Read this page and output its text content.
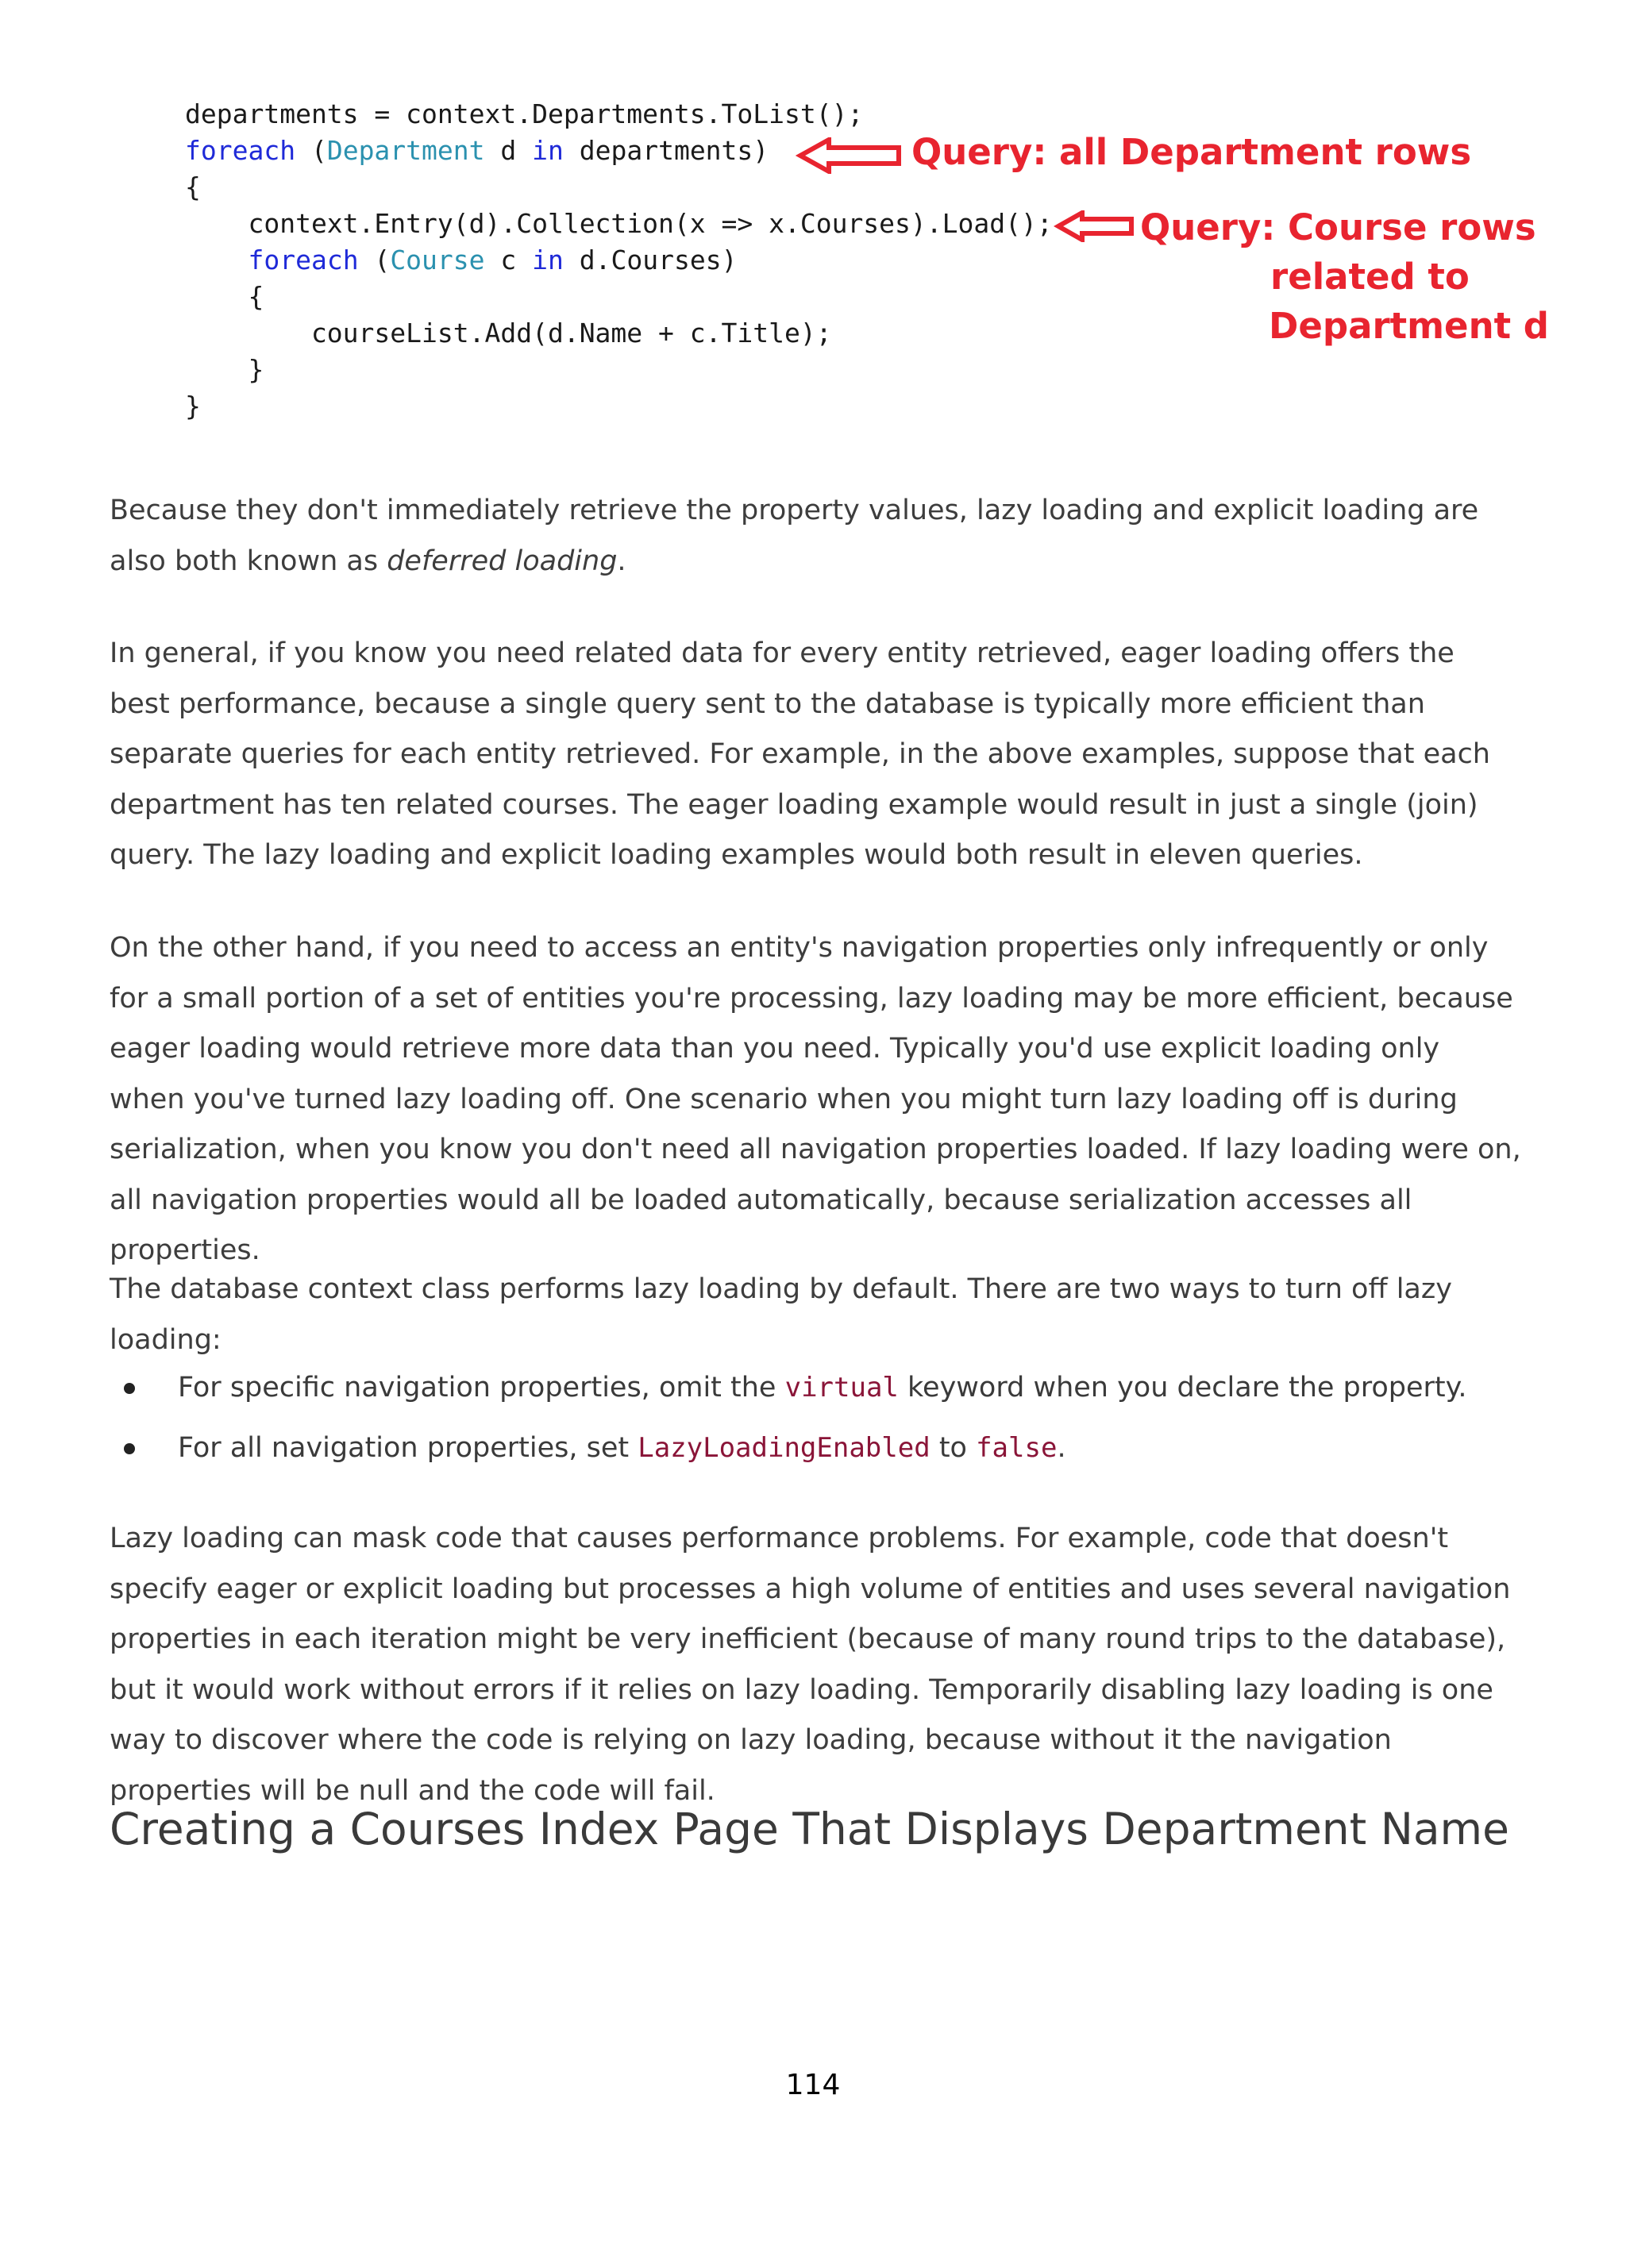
departments = context.Departments.ToList();
foreach (Department d in departments)
{
context.Entry(d).Collection(x => x.Courses).Load();
foreach (Course c in d.Courses)
{
courseList.Add(d.Name + c.Title);
}
}
Query: all Department rows
Query: Course rows
related to
Department d

Because they don't immediately retrieve the property values, lazy loading and explicit loading are also both known as deferred loading.

In general, if you know you need related data for every entity retrieved, eager loading offers the best performance, because a single query sent to the database is typically more efficient than separate queries for each entity retrieved. For example, in the above examples, suppose that each department has ten related courses. The eager loading example would result in just a single (join) query. The lazy loading and explicit loading examples would both result in eleven queries.

On the other hand, if you need to access an entity's navigation properties only infrequently or only for a small portion of a set of entities you're processing, lazy loading may be more efficient, because eager loading would retrieve more data than you need. Typically you'd use explicit loading only when you've turned lazy loading off. One scenario when you might turn lazy loading off is during serialization, when you know you don't need all navigation properties loaded. If lazy loading were on, all navigation properties would all be loaded automatically, because serialization accesses all properties.

The database context class performs lazy loading by default. There are two ways to turn off lazy loading:

For specific navigation properties, omit the virtual keyword when you declare the property.
For all navigation properties, set LazyLoadingEnabled to false.

Lazy loading can mask code that causes performance problems. For example, code that doesn't specify eager or explicit loading but processes a high volume of entities and uses several navigation properties in each iteration might be very inefficient (because of many round trips to the database), but it would work without errors if it relies on lazy loading. Temporarily disabling lazy loading is one way to discover where the code is relying on lazy loading, because without it the navigation properties will be null and the code will fail.

Creating a Courses Index Page That Displays Department Name
114
